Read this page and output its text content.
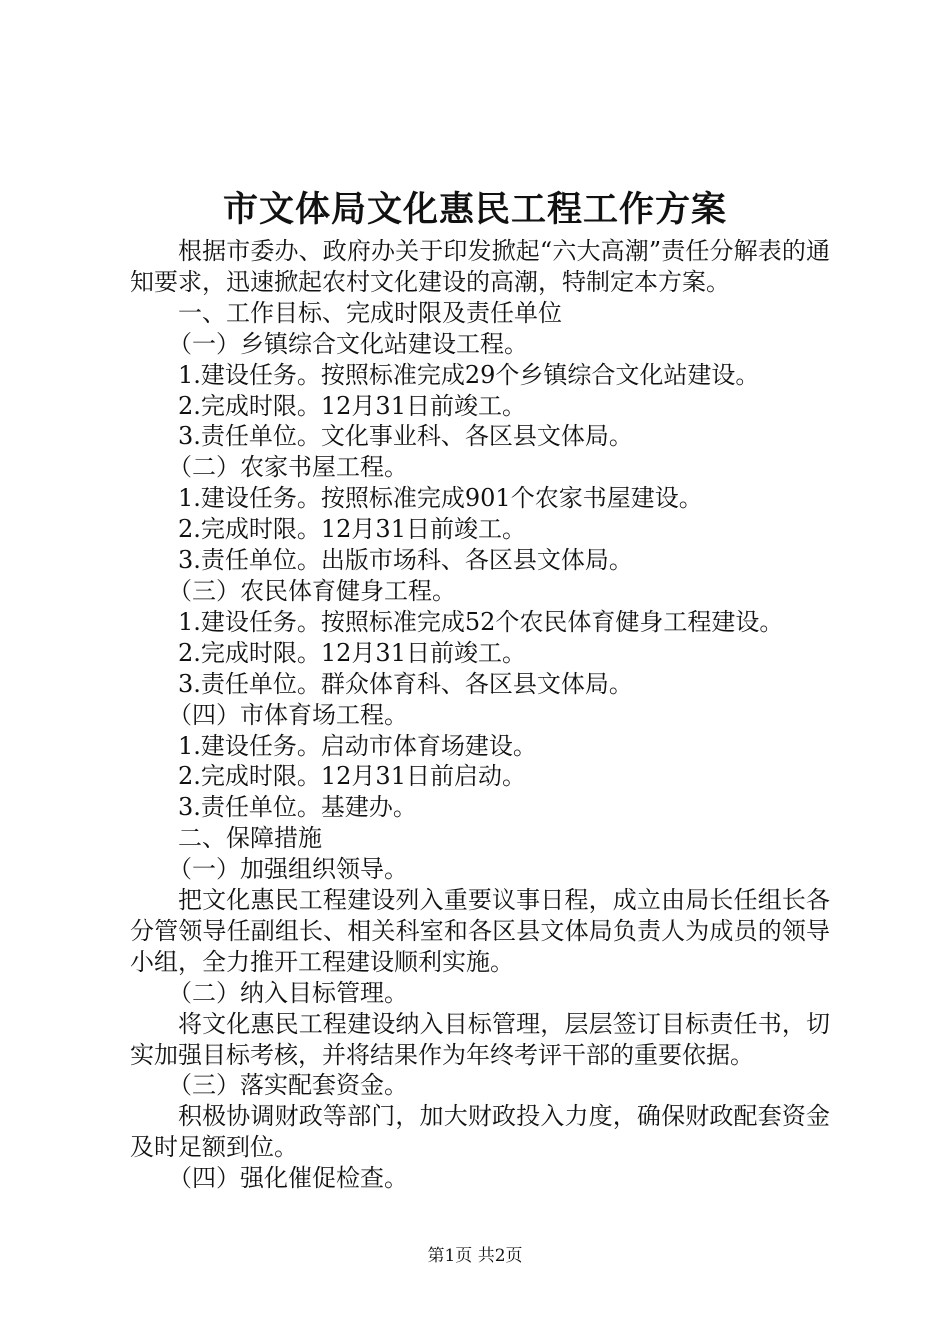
市文体局文化惠民工程工作方案

根据市委办、政府办关于印发掀起“六大高潮”责任分解表的通知要求，迅速掀起农村文化建设的高潮，特制定本方案。

一、工作目标、完成时限及责任单位

（一）乡镇综合文化站建设工程。

1.建设任务。按照标准完成29个乡镇综合文化站建设。

2.完成时限。12月31日前竣工。

3.责任单位。文化事业科、各区县文体局。

（二）农家书屋工程。

1.建设任务。按照标准完成901个农家书屋建设。

2.完成时限。12月31日前竣工。

3.责任单位。出版市场科、各区县文体局。

（三）农民体育健身工程。

1.建设任务。按照标准完成52个农民体育健身工程建设。

2.完成时限。12月31日前竣工。

3.责任单位。群众体育科、各区县文体局。

（四）市体育场工程。

1.建设任务。启动市体育场建设。

2.完成时限。12月31日前启动。

3.责任单位。基建办。

二、保障措施

（一）加强组织领导。

把文化惠民工程建设列入重要议事日程，成立由局长任组长各分管领导任副组长、相关科室和各区县文体局负责人为成员的领导小组，全力推开工程建设顺利实施。

（二）纳入目标管理。

将文化惠民工程建设纳入目标管理，层层签订目标责任书，切实加强目标考核，并将结果作为年终考评干部的重要依据。

（三）落实配套资金。

积极协调财政等部门，加大财政投入力度，确保财政配套资金及时足额到位。

（四）强化催促检查。

第1页 共2页
